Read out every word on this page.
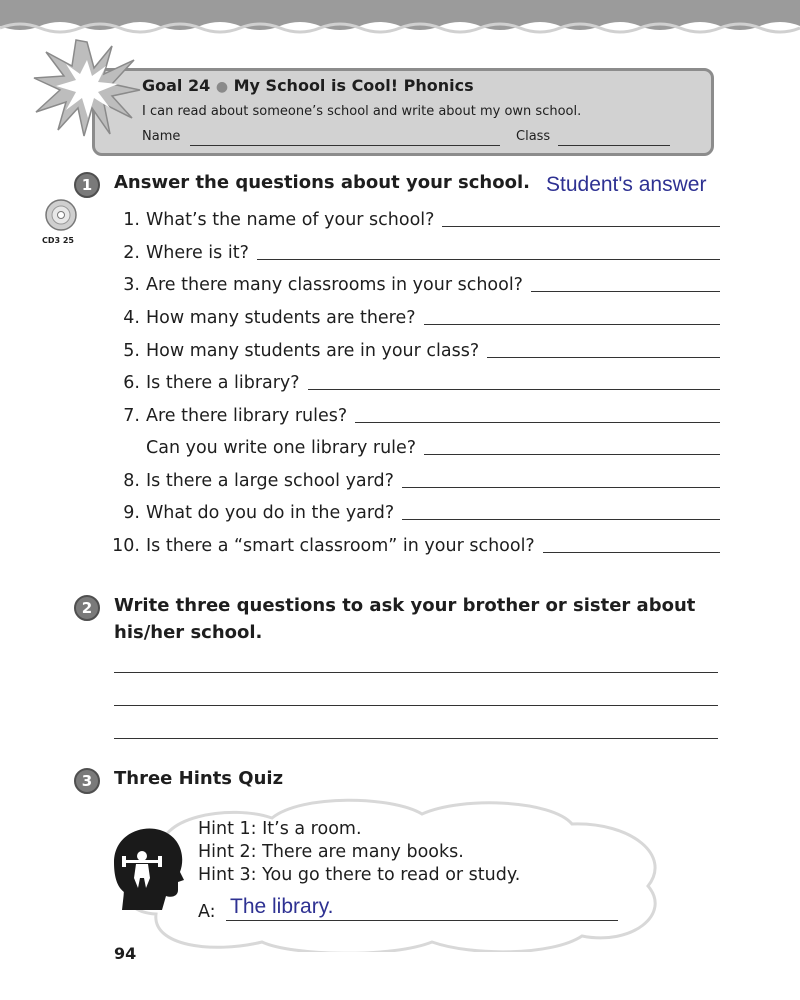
Goal 24 ● My School is Cool! Phonics
I can read about someone’s school and write about my own school.
Name	Class
CD3 25
1	Answer the questions about your school. Student's answer
1. What’s the name of your school?
2. Where is it?
3. Are there many classrooms in your school?
4. How many students are there?
5. How many students are in your class?
6. Is there a library?
7. Are there library rules?
Can you write one library rule?
8. Is there a large school yard?
9. What do you do in the yard?
10. Is there a “smart classroom” in your school?
2	Write three questions to ask your brother or sister about
his/her school.
3	Three Hints Quiz
Hint 1: It’s a room.
Hint 2: There are many books.
Hint 3: You go there to read or study.
A: The library.
94
